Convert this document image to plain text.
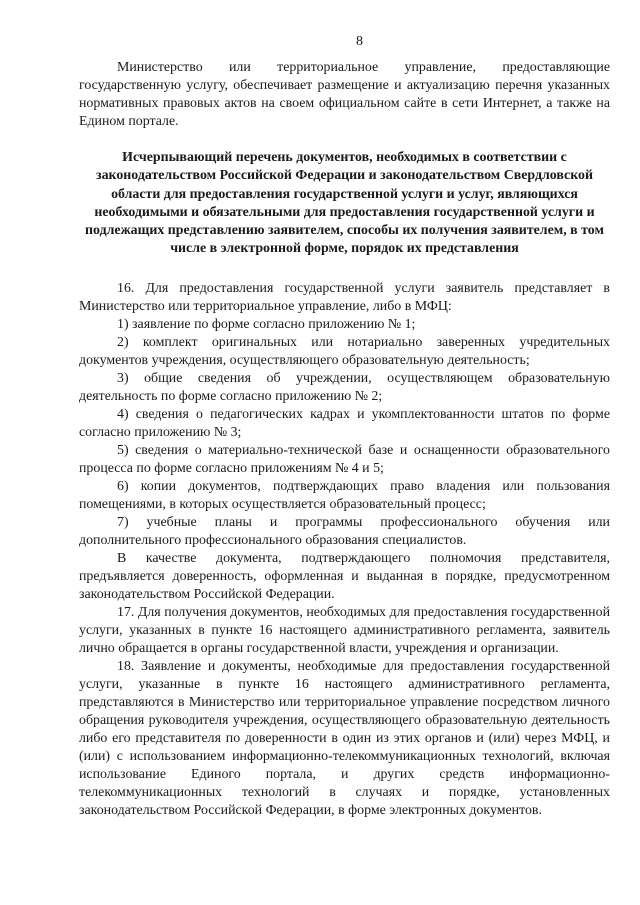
8

Министерство или территориальное управление, предоставляющие государственную услугу, обеспечивает размещение и актуализацию перечня указанных нормативных правовых актов на своем официальном сайте в сети Интернет, а также на Едином портале.

Исчерпывающий перечень документов, необходимых в соответствии с законодательством Российской Федерации и законодательством Свердловской области для предоставления государственной услуги и услуг, являющихся необходимыми и обязательными для предоставления государственной услуги и подлежащих представлению заявителем, способы их получения заявителем, в том числе в электронной форме, порядок их представления

16. Для предоставления государственной услуги заявитель представляет в Министерство или территориальное управление, либо в МФЦ:

1) заявление по форме согласно приложению № 1;

2) комплект оригинальных или нотариально заверенных учредительных документов учреждения, осуществляющего образовательную деятельность;

3) общие сведения об учреждении, осуществляющем образовательную деятельность по форме согласно приложению № 2;

4) сведения о педагогических кадрах и укомплектованности штатов по форме согласно приложению № 3;

5) сведения о материально-технической базе и оснащенности образовательного процесса по форме согласно приложениям № 4 и 5;

6) копии документов, подтверждающих право владения или пользования помещениями, в которых осуществляется образовательный процесс;

7) учебные планы и программы профессионального обучения или дополнительного профессионального образования специалистов.

В качестве документа, подтверждающего полномочия представителя, предъявляется доверенность, оформленная и выданная в порядке, предусмотренном законодательством Российской Федерации.

17. Для получения документов, необходимых для предоставления государственной услуги, указанных в пункте 16 настоящего административного регламента, заявитель лично обращается в органы государственной власти, учреждения и организации.

18. Заявление и документы, необходимые для предоставления государственной услуги, указанные в пункте 16 настоящего административного регламента, представляются в Министерство или территориальное управление посредством личного обращения руководителя учреждения, осуществляющего образовательную деятельность либо его представителя по доверенности в один из этих органов и (или) через МФЦ, и (или) с использованием информационно-телекоммуникационных технологий, включая использование Единого портала, и других средств информационно-телекоммуникационных технологий в случаях и порядке, установленных законодательством Российской Федерации, в форме электронных документов.
